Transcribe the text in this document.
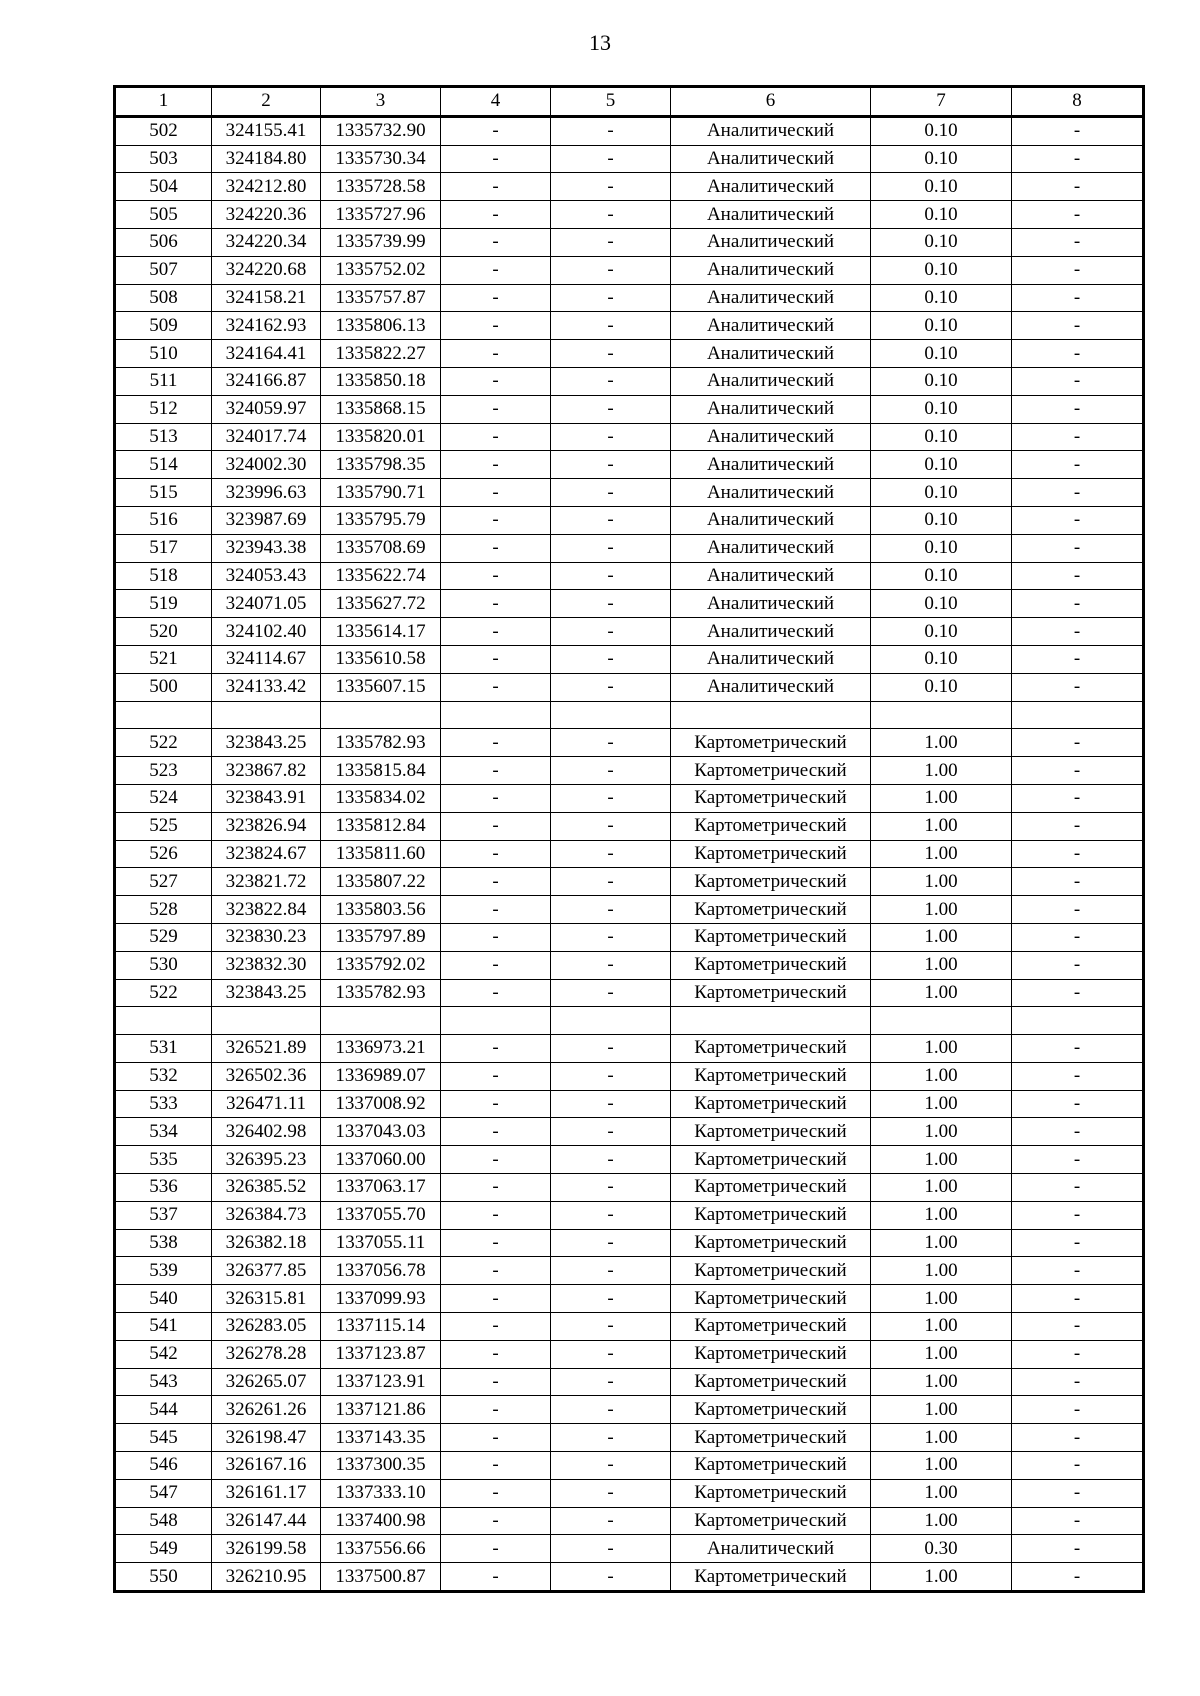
13
1	2	3	4	5	6	7	8
502	324155.41	1335732.90	-	-	Аналитический	0.10	-
503	324184.80	1335730.34	-	-	Аналитический	0.10	-
504	324212.80	1335728.58	-	-	Аналитический	0.10	-
505	324220.36	1335727.96	-	-	Аналитический	0.10	-
506	324220.34	1335739.99	-	-	Аналитический	0.10	-
507	324220.68	1335752.02	-	-	Аналитический	0.10	-
508	324158.21	1335757.87	-	-	Аналитический	0.10	-
509	324162.93	1335806.13	-	-	Аналитический	0.10	-
510	324164.41	1335822.27	-	-	Аналитический	0.10	-
511	324166.87	1335850.18	-	-	Аналитический	0.10	-
512	324059.97	1335868.15	-	-	Аналитический	0.10	-
513	324017.74	1335820.01	-	-	Аналитический	0.10	-
514	324002.30	1335798.35	-	-	Аналитический	0.10	-
515	323996.63	1335790.71	-	-	Аналитический	0.10	-
516	323987.69	1335795.79	-	-	Аналитический	0.10	-
517	323943.38	1335708.69	-	-	Аналитический	0.10	-
518	324053.43	1335622.74	-	-	Аналитический	0.10	-
519	324071.05	1335627.72	-	-	Аналитический	0.10	-
520	324102.40	1335614.17	-	-	Аналитический	0.10	-
521	324114.67	1335610.58	-	-	Аналитический	0.10	-
500	324133.42	1335607.15	-	-	Аналитический	0.10	-

522	323843.25	1335782.93	-	-	Картометрический	1.00	-
523	323867.82	1335815.84	-	-	Картометрический	1.00	-
524	323843.91	1335834.02	-	-	Картометрический	1.00	-
525	323826.94	1335812.84	-	-	Картометрический	1.00	-
526	323824.67	1335811.60	-	-	Картометрический	1.00	-
527	323821.72	1335807.22	-	-	Картометрический	1.00	-
528	323822.84	1335803.56	-	-	Картометрический	1.00	-
529	323830.23	1335797.89	-	-	Картометрический	1.00	-
530	323832.30	1335792.02	-	-	Картометрический	1.00	-
522	323843.25	1335782.93	-	-	Картометрический	1.00	-

531	326521.89	1336973.21	-	-	Картометрический	1.00	-
532	326502.36	1336989.07	-	-	Картометрический	1.00	-
533	326471.11	1337008.92	-	-	Картометрический	1.00	-
534	326402.98	1337043.03	-	-	Картометрический	1.00	-
535	326395.23	1337060.00	-	-	Картометрический	1.00	-
536	326385.52	1337063.17	-	-	Картометрический	1.00	-
537	326384.73	1337055.70	-	-	Картометрический	1.00	-
538	326382.18	1337055.11	-	-	Картометрический	1.00	-
539	326377.85	1337056.78	-	-	Картометрический	1.00	-
540	326315.81	1337099.93	-	-	Картометрический	1.00	-
541	326283.05	1337115.14	-	-	Картометрический	1.00	-
542	326278.28	1337123.87	-	-	Картометрический	1.00	-
543	326265.07	1337123.91	-	-	Картометрический	1.00	-
544	326261.26	1337121.86	-	-	Картометрический	1.00	-
545	326198.47	1337143.35	-	-	Картометрический	1.00	-
546	326167.16	1337300.35	-	-	Картометрический	1.00	-
547	326161.17	1337333.10	-	-	Картометрический	1.00	-
548	326147.44	1337400.98	-	-	Картометрический	1.00	-
549	326199.58	1337556.66	-	-	Аналитический	0.30	-
550	326210.95	1337500.87	-	-	Картометрический	1.00	-
